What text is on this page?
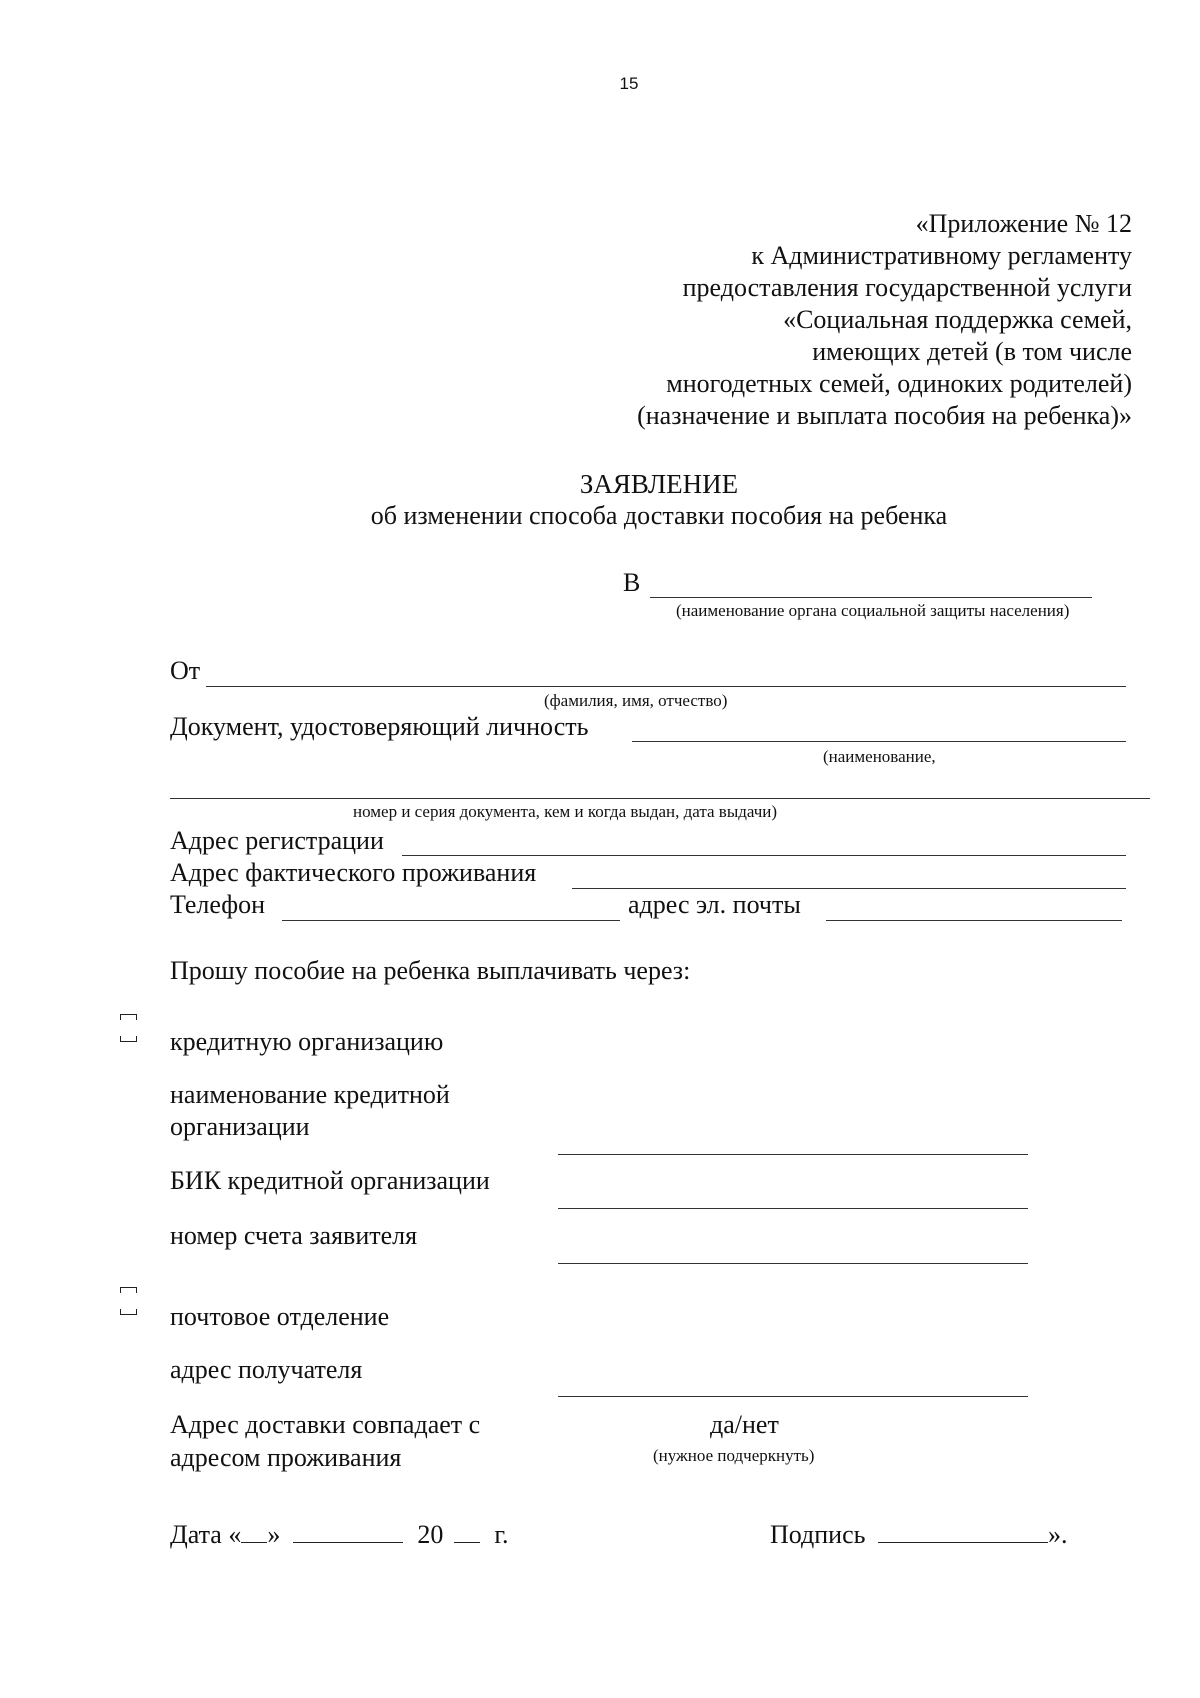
15
«Приложение № 12
к Административному регламенту
предоставления государственной услуги
«Социальная поддержка семей,
имеющих детей (в том числе
многодетных семей, одиноких родителей)
(назначение и выплата пособия на ребенка)»
ЗАЯВЛЕНИЕ
об изменении способа доставки пособия на ребенка
В
(наименование органа социальной защиты населения)
От
(фамилия, имя, отчество)
Документ, удостоверяющий личность
(наименование,
номер и серия документа, кем и когда выдан, дата выдачи)
Адрес регистрации
Адрес фактического проживания
Телефон	адрес эл. почты
Прошу пособие на ребенка выплачивать через:
кредитную организацию
наименование кредитной
организации
БИК кредитной организации
номер счета заявителя
почтовое отделение
адрес получателя
Адрес доставки совпадает с
адресом проживания
да/нет
(нужное подчеркнуть)
Дата « »	20 г.	Подпись	».
